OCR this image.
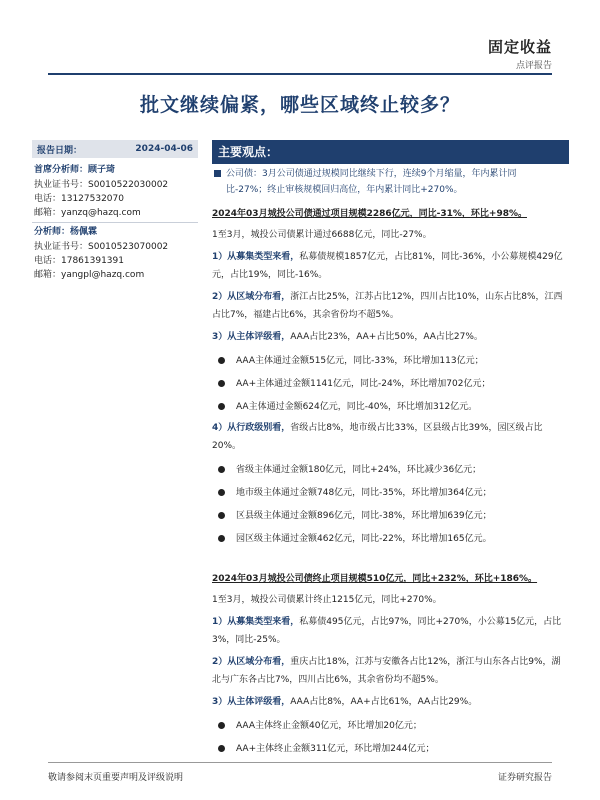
固定收益
点评报告
批文继续偏紧，哪些区域终止较多？
报告日期：	2024-04-06
首席分析师：顾子琦
执业证书号：S0010522030002
电话：13127532070
邮箱：yanzq@hazq.com
分析师：杨佩霖
执业证书号：S0010523070002
电话：17861391391
邮箱：yangpl@hazq.com
主要观点：
公司债：3月公司债通过规模同比继续下行，连续9个月缩量，年内累计同
比-27%；终止审核规模回归高位，年内累计同比+270%。
2024年03月城投公司债通过项目规模2286亿元，同比-31%，环比+98%。
1至3月，城投公司债累计通过6688亿元，同比-27%。
1）从募集类型来看，私募债规模1857亿元，占比81%，同比-36%，小公募规模429亿元，占比19%，同比-16%。
2）从区域分布看，浙江占比25%，江苏占比12%，四川占比10%，山东占比8%，江西占比7%，福建占比6%，其余省份均不超5%。
3）从主体评级看，AAA占比23%，AA+占比50%，AA占比27%。
AAA主体通过金额515亿元，同比-33%，环比增加113亿元；
AA+主体通过金额1141亿元，同比-24%，环比增加702亿元；
AA主体通过金额624亿元，同比-40%，环比增加312亿元。
4）从行政级别看，省级占比8%，地市级占比33%，区县级占比39%，园区级占比20%。
省级主体通过金额180亿元，同比+24%，环比减少36亿元；
地市级主体通过金额748亿元，同比-35%，环比增加364亿元；
区县级主体通过金额896亿元，同比-38%，环比增加639亿元；
园区级主体通过金额462亿元，同比-22%，环比增加165亿元。
2024年03月城投公司债终止项目规模510亿元，同比+232%，环比+186%。
1至3月，城投公司债累计终止1215亿元，同比+270%。
1）从募集类型来看，私募债495亿元，占比97%，同比+270%，小公募15亿元，占比3%，同比-25%。
2）从区域分布看，重庆占比18%，江苏与安徽各占比12%，浙江与山东各占比9%，湖北与广东各占比7%，四川占比6%，其余省份均不超5%。
3）从主体评级看，AAA占比8%，AA+占比61%，AA占比29%。
AAA主体终止金额40亿元，环比增加20亿元；
AA+主体终止金额311亿元，环比增加244亿元；
敬请参阅末页重要声明及评级说明	证券研究报告
